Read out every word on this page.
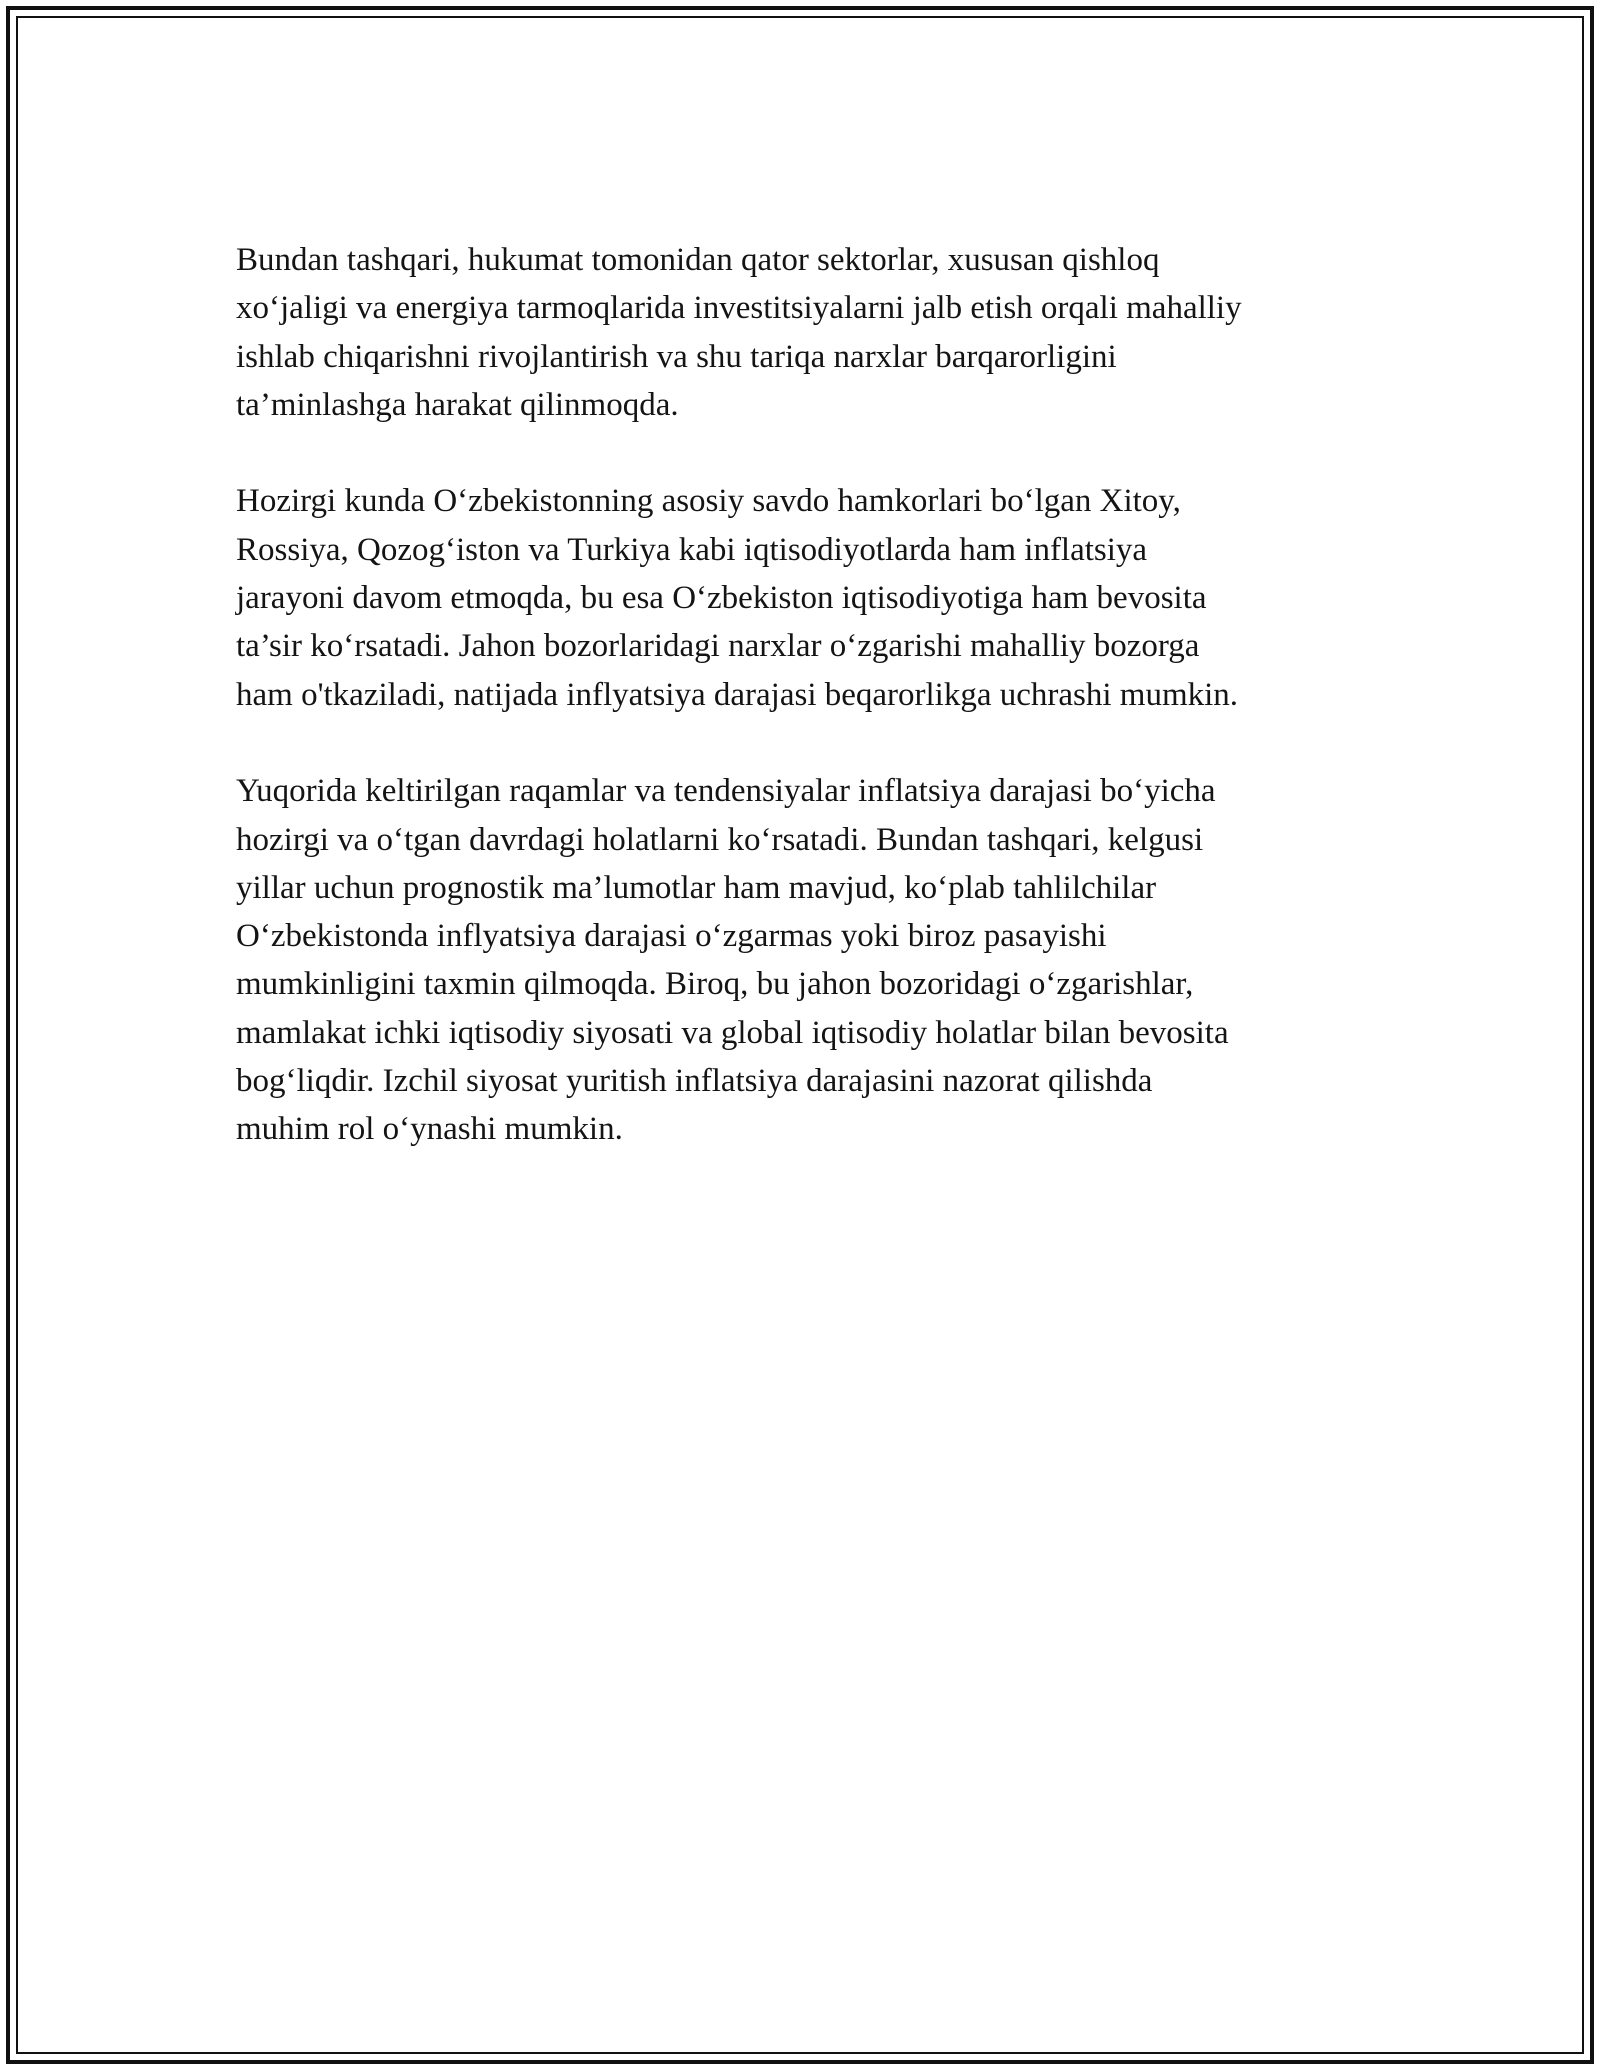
Bundan tashqari, hukumat tomonidan qator sektorlar, xususan qishloq
xo‘jaligi va energiya tarmoqlarida investitsiyalarni jalb etish orqali mahalliy
ishlab chiqarishni rivojlantirish va shu tariqa narxlar barqarorligini
ta’minlashga harakat qilinmoqda.

Hozirgi kunda O‘zbekistonning asosiy savdo hamkorlari bo‘lgan Xitoy,
Rossiya, Qozog‘iston va Turkiya kabi iqtisodiyotlarda ham inflatsiya
jarayoni davom etmoqda, bu esa O‘zbekiston iqtisodiyotiga ham bevosita
ta’sir ko‘rsatadi. Jahon bozorlaridagi narxlar o‘zgarishi mahalliy bozorga
ham o'tkaziladi, natijada inflyatsiya darajasi beqarorlikga uchrashi mumkin.

Yuqorida keltirilgan raqamlar va tendensiyalar inflatsiya darajasi bo‘yicha
hozirgi va o‘tgan davrdagi holatlarni ko‘rsatadi. Bundan tashqari, kelgusi
yillar uchun prognostik ma’lumotlar ham mavjud, ko‘plab tahlilchilar
O‘zbekistonda inflyatsiya darajasi o‘zgarmas yoki biroz pasayishi
mumkinligini taxmin qilmoqda. Biroq, bu jahon bozoridagi o‘zgarishlar,
mamlakat ichki iqtisodiy siyosati va global iqtisodiy holatlar bilan bevosita
bog‘liqdir. Izchil siyosat yuritish inflatsiya darajasini nazorat qilishda
muhim rol o‘ynashi mumkin.
